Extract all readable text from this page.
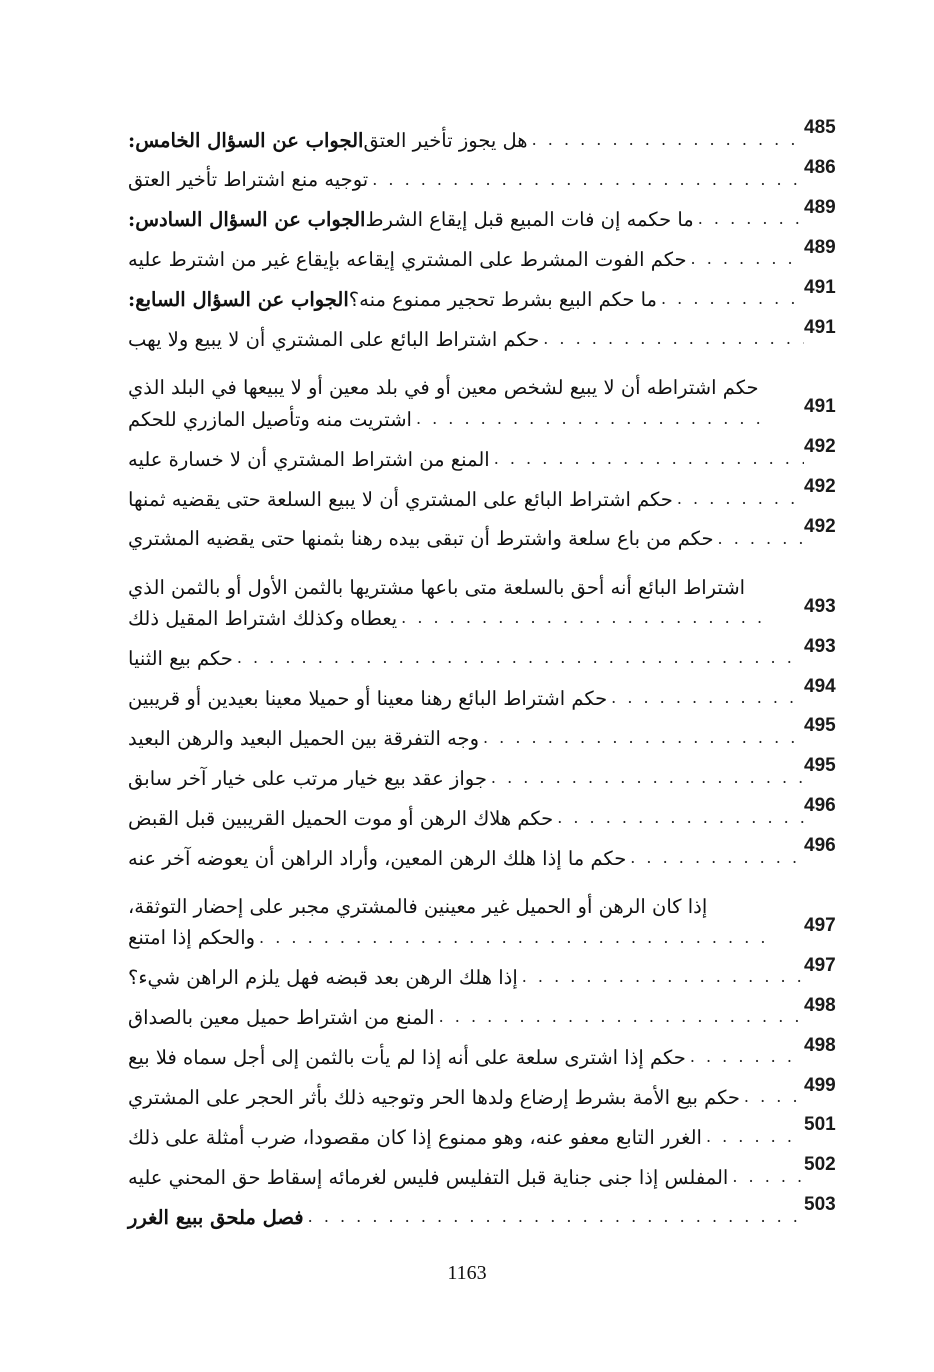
485
الجواب عن السؤال الخامس: هل يجوز تأخير العتق
. . .
486
توجيه منع اشتراط تأخير العتق
. . .
489
الجواب عن السؤال السادس: ما حكمه إن فات المبيع قبل إيقاع الشرط
. . .
489
حكم الفوت المشرط على المشتري إيقاعه بإيقاع غير من اشترط عليه
. . .
491
الجواب عن السؤال السابع: ما حكم البيع بشرط تحجير ممنوع منه؟
. . .
491
حكم اشتراط البائع على المشتري أن لا يبيع ولا يهب
. . .
491
حكم اشتراطه أن لا يبيع لشخص معين أو في بلد معين أو لا يبيعها في البلد الذي
اشتريت منه وتأصيل المازري للحكم
. . .
492
المنع من اشتراط المشتري أن لا خسارة عليه
. . .
492
حكم اشتراط البائع على المشتري أن لا يبيع السلعة حتى يقضيه ثمنها
. . .
492
حكم من باع سلعة واشترط أن تبقى بيده رهنا بثمنها حتى يقضيه المشتري
. . .
493
اشتراط البائع أنه أحق بالسلعة متى باعها مشتريها بالثمن الأول أو بالثمن الذي
يعطاه وكذلك اشتراط المقيل ذلك
. . .
493
حكم بيع الثنيا
. . .
494
حكم اشتراط البائع رهنا معينا أو حميلا معينا بعيدين أو قريبين
. . .
495
وجه التفرقة بين الحميل البعيد والرهن البعيد
. . .
495
جواز عقد بيع خيار مرتب على خيار آخر سابق
. . .
496
حكم هلاك الرهن أو موت الحميل القريبين قبل القبض
. . .
496
حكم ما إذا هلك الرهن المعين، وأراد الراهن أن يعوضه آخر عنه
. . .
497
إذا كان الرهن أو الحميل غير معينين فالمشتري مجبر على إحضار التوثقة،
والحكم إذا امتنع
. . .
497
إذا هلك الرهن بعد قبضه فهل يلزم الراهن شيء؟
. . .
498
المنع من اشتراط حميل معين بالصداق
. . .
498
حكم إذا اشترى سلعة على أنه إذا لم يأت بالثمن إلى أجل سماه فلا بيع
. . .
499
حكم بيع الأمة بشرط إرضاع ولدها الحر وتوجيه ذلك بأثر الحجر على المشتري
. . .
501
الغرر التابع معفو عنه، وهو ممنوع إذا كان مقصودا، ضرب أمثلة على ذلك
. . .
502
المفلس إذا جنى جناية قبل التفليس فليس لغرمائه إسقاط حق المحني عليه
. . .
503
فصل ملحق ببيع الغرر
. . .
1163
